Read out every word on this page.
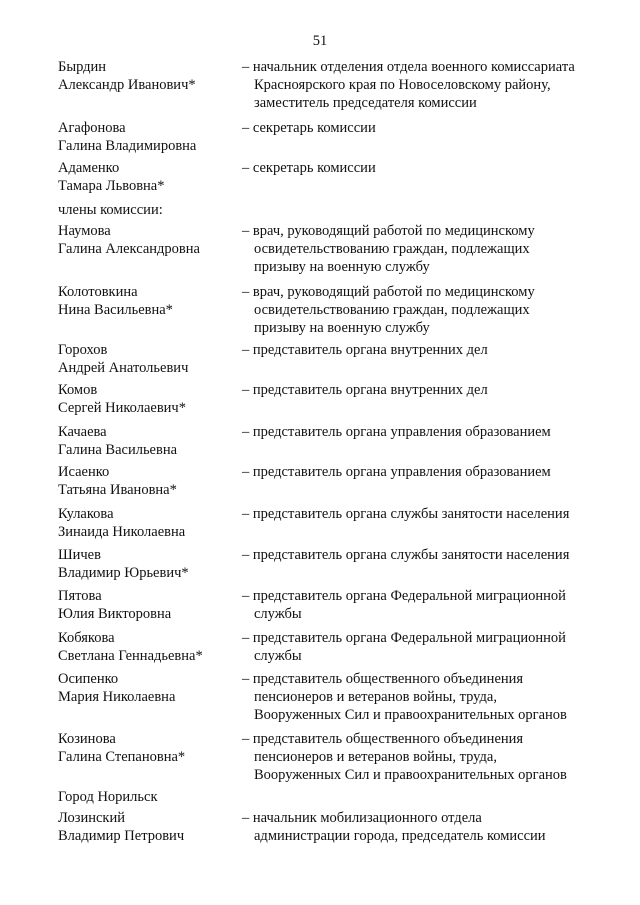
51
Бырдин
Александр Иванович*
– начальник отделения отдела военного комиссариата
Красноярского края по Новоселовскому району,
заместитель председателя комиссии
Агафонова
Галина Владимировна
– секретарь комиссии
Адаменко
Тамара Львовна*
– секретарь комиссии
Наумова
Галина Александровна
– врач, руководящий работой по медицинскому
освидетельствованию граждан, подлежащих
призыву на военную службу
Колотовкина
Нина Васильевна*
– врач, руководящий работой по медицинскому
освидетельствованию граждан, подлежащих
призыву на военную службу
Горохов
Андрей Анатольевич
– представитель органа внутренних дел
Комов
Сергей Николаевич*
– представитель органа внутренних дел
Качаева
Галина Васильевна
– представитель органа управления образованием
Исаенко
Татьяна Ивановна*
– представитель органа управления образованием
Кулакова
Зинаида Николаевна
– представитель органа службы занятости населения
Шичев
Владимир Юрьевич*
– представитель органа службы занятости населения
Пятова
Юлия Викторовна
– представитель органа Федеральной миграционной
службы
Кобякова
Светлана Геннадьевна*
– представитель органа Федеральной миграционной
службы
Осипенко
Мария Николаевна
– представитель общественного объединения
пенсионеров и ветеранов войны, труда,
Вооруженных Сил и правоохранительных органов
Козинова
Галина Степановна*
– представитель общественного объединения
пенсионеров и ветеранов войны, труда,
Вооруженных Сил и правоохранительных органов
Лозинский
Владимир Петрович
– начальник мобилизационного отдела
администрации города, председатель комиссии
члены комиссии:
Город Норильск
